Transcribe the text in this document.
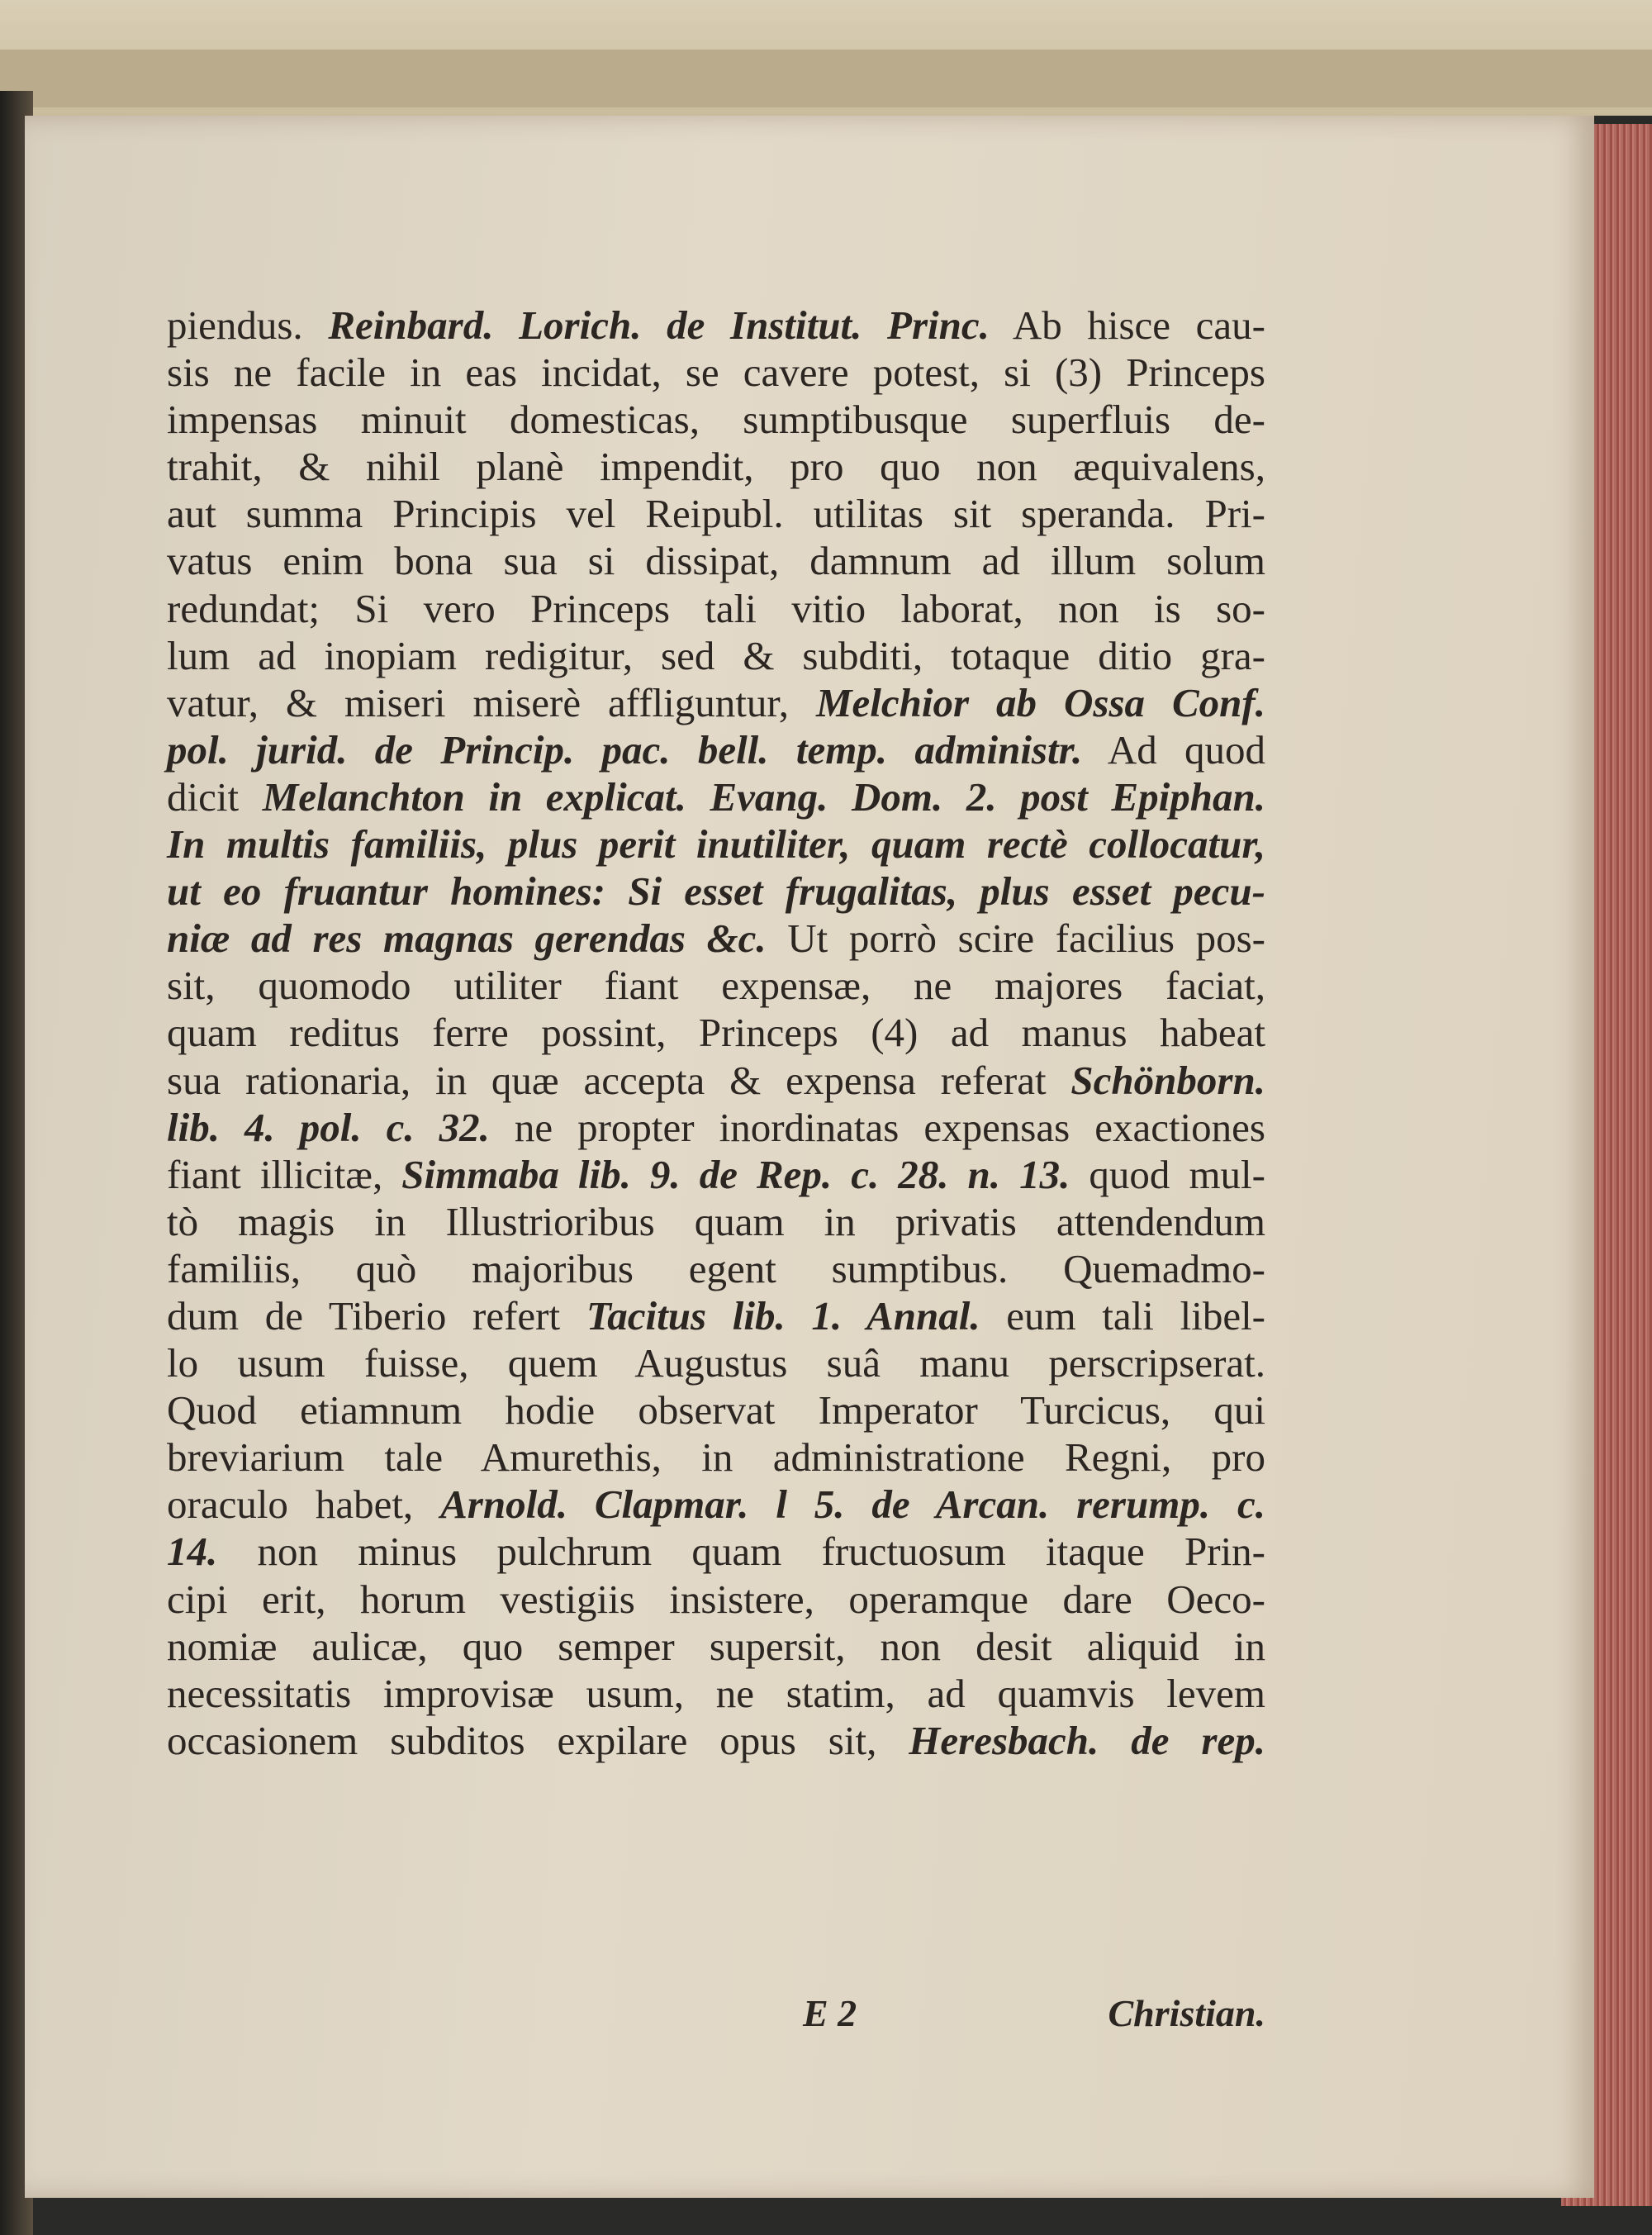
piendus. Reinbard. Lorich. de Institut. Princ. Ab hisce cau-
sis ne facile in eas incidat, se cavere potest, si (3) Princeps
impensas minuit domesticas, sumptibusque superfluis de-
trahit, & nihil planè impendit, pro quo non æquivalens,
aut summa Principis vel Reipubl. utilitas sit speranda. Pri-
vatus enim bona sua si dissipat, damnum ad illum solum
redundat; Si vero Princeps tali vitio laborat, non is so-
lum ad inopiam redigitur, sed & subditi, totaque ditio gra-
vatur, & miseri miserè affliguntur, Melchior ab Ossa Conf.
pol. jurid. de Princip. pac. bell. temp. administr. Ad quod
dicit Melanchton in explicat. Evang. Dom. 2. post Epiphan.
In multis familiis, plus perit inutiliter, quam rectè collocatur,
ut eo fruantur homines: Si esset frugalitas, plus esset pecu-
niæ ad res magnas gerendas &c. Ut porrò scire facilius pos-
sit, quomodo utiliter fiant expensæ, ne majores faciat,
quam reditus ferre possint, Princeps (4) ad manus habeat
sua rationaria, in quæ accepta & expensa referat Schönborn.
lib. 4. pol. c. 32. ne propter inordinatas expensas exactiones
fiant illicitæ, Simmaba lib. 9. de Rep. c. 28. n. 13. quod mul-
tò magis in Illustrioribus quam in privatis attendendum
familiis, quò majoribus egent sumptibus. Quemadmo-
dum de Tiberio refert Tacitus lib. 1. Annal. eum tali libel-
lo usum fuisse, quem Augustus suâ manu perscripserat.
Quod etiamnum hodie observat Imperator Turcicus, qui
breviarium tale Amurethis, in administratione Regni, pro
oraculo habet, Arnold. Clapmar. l 5. de Arcan. rerump. c.
14. non minus pulchrum quam fructuosum itaque Prin-
cipi erit, horum vestigiis insistere, operamque dare Oeco-
nomiæ aulicæ, quo semper supersit, non desit aliquid in
necessitatis improvisæ usum, ne statim, ad quamvis levem
occasionem subditos expilare opus sit, Heresbach. de rep.
E 2	Christian.
